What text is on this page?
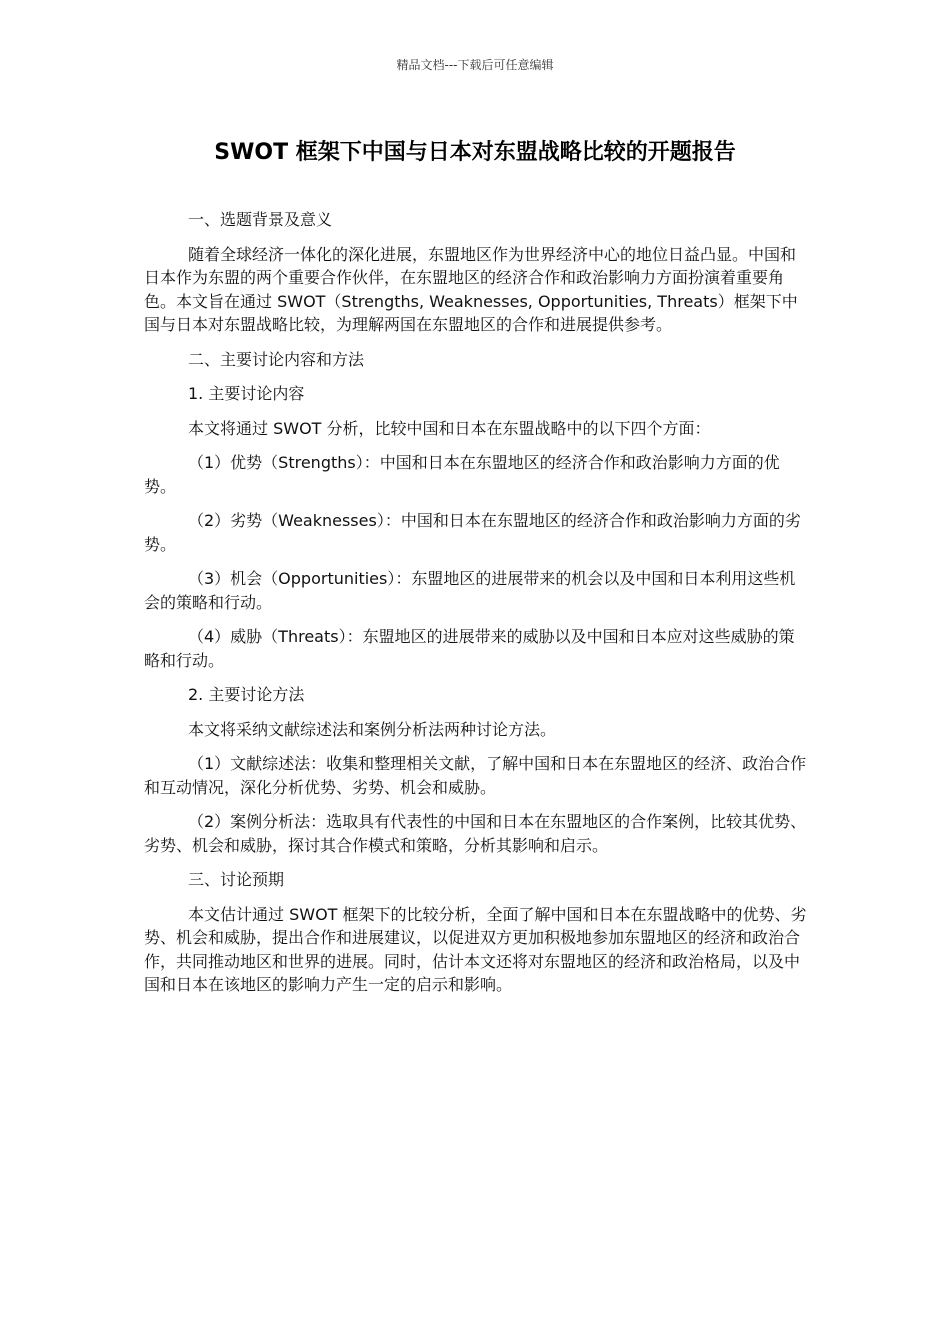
精品文档---下载后可任意编辑
SWOT 框架下中国与日本对东盟战略比较的开题报告

一、选题背景及意义

随着全球经济一体化的深化进展，东盟地区作为世界经济中心的地位日益凸显。中国和日本作为东盟的两个重要合作伙伴，在东盟地区的经济合作和政治影响力方面扮演着重要角色。本文旨在通过 SWOT（Strengths, Weaknesses, Opportunities, Threats）框架下中国与日本对东盟战略比较，为理解两国在东盟地区的合作和进展提供参考。

二、主要讨论内容和方法

1. 主要讨论内容

本文将通过 SWOT 分析，比较中国和日本在东盟战略中的以下四个方面：

（1）优势（Strengths）：中国和日本在东盟地区的经济合作和政治影响力方面的优势。

（2）劣势（Weaknesses）：中国和日本在东盟地区的经济合作和政治影响力方面的劣势。

（3）机会（Opportunities）：东盟地区的进展带来的机会以及中国和日本利用这些机会的策略和行动。

（4）威胁（Threats）：东盟地区的进展带来的威胁以及中国和日本应对这些威胁的策略和行动。

2. 主要讨论方法

本文将采纳文献综述法和案例分析法两种讨论方法。

（1）文献综述法：收集和整理相关文献，了解中国和日本在东盟地区的经济、政治合作和互动情况，深化分析优势、劣势、机会和威胁。

（2）案例分析法：选取具有代表性的中国和日本在东盟地区的合作案例，比较其优势、劣势、机会和威胁，探讨其合作模式和策略，分析其影响和启示。

三、讨论预期

本文估计通过 SWOT 框架下的比较分析，全面了解中国和日本在东盟战略中的优势、劣势、机会和威胁，提出合作和进展建议，以促进双方更加积极地参加东盟地区的经济和政治合作，共同推动地区和世界的进展。同时，估计本文还将对东盟地区的经济和政治格局，以及中国和日本在该地区的影响力产生一定的启示和影响。
